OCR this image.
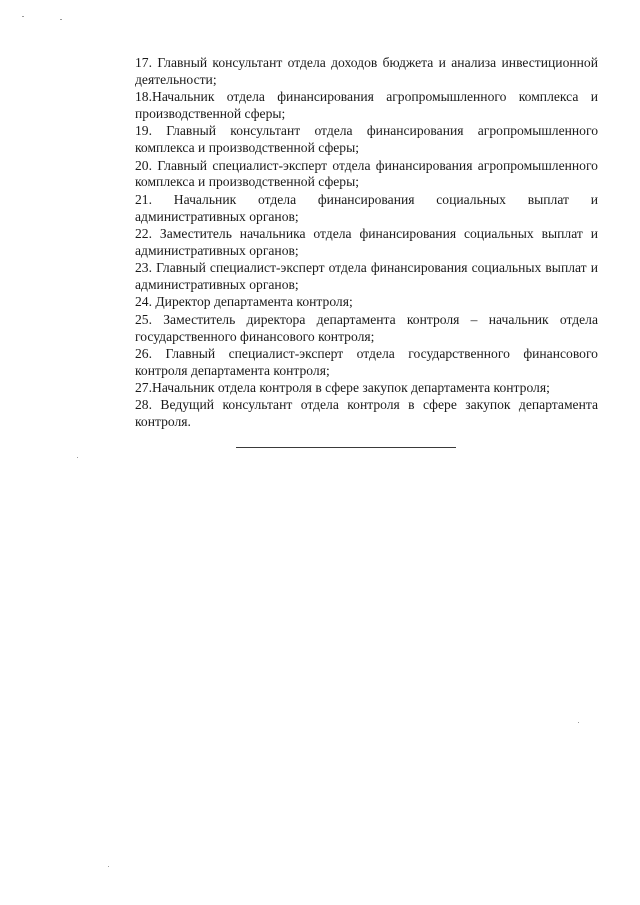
17. Главный консультант отдела доходов бюджета и анализа инвестиционной деятельности;
18.Начальник отдела финансирования агропромышленного комплекса и производственной сферы;
19. Главный консультант отдела финансирования агропромышленного комплекса и производственной сферы;
20. Главный специалист-эксперт отдела финансирования агропромышленного комплекса и производственной сферы;
21. Начальник отдела финансирования социальных выплат и административных органов;
22. Заместитель начальника отдела финансирования социальных выплат и административных органов;
23. Главный специалист-эксперт отдела финансирования социальных выплат и административных органов;
24. Директор департамента контроля;
25. Заместитель директора департамента контроля – начальник отдела государственного финансового контроля;
26. Главный специалист-эксперт отдела государственного финансового контроля департамента контроля;
27.Начальник отдела контроля в сфере закупок департамента контроля;
28. Ведущий консультант отдела контроля в сфере закупок департамента контроля.
